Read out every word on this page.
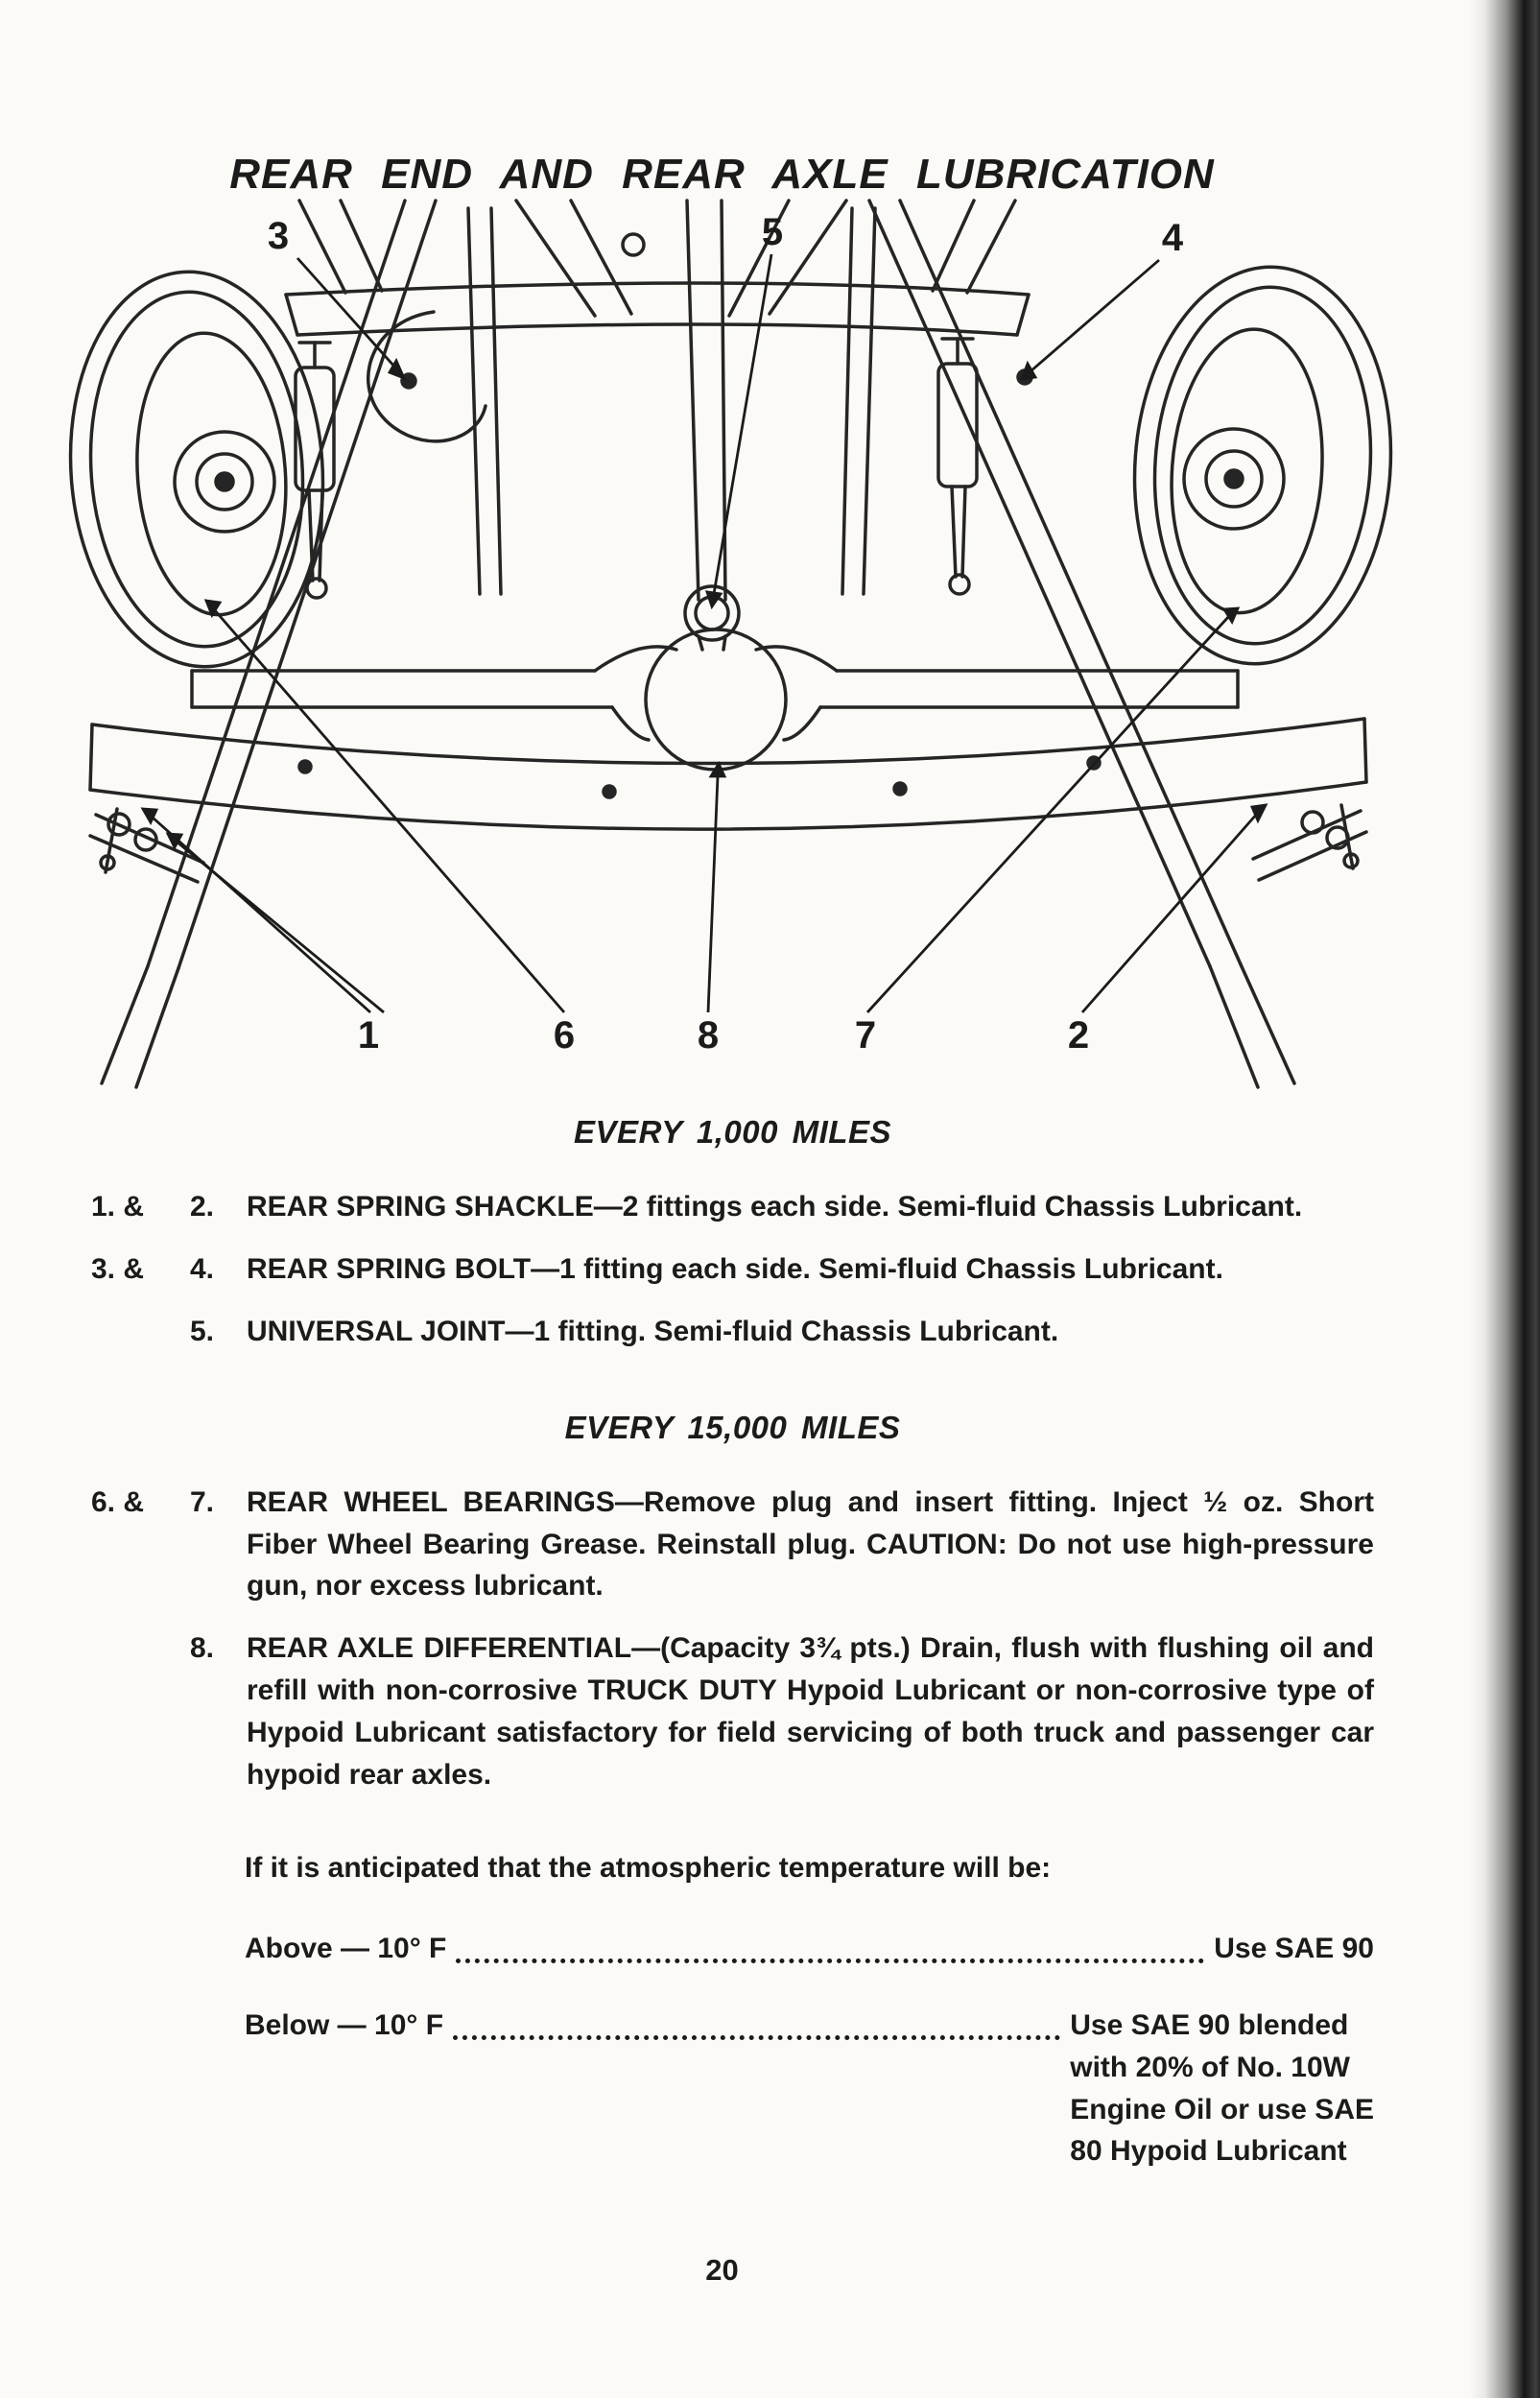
REAR END AND REAR AXLE LUBRICATION
3	5	4
1	6	8	7	2
EVERY 1,000 MILES
1. &	2.	REAR SPRING SHACKLE—2 fittings each side. Semi-fluid Chassis Lubricant.

3. &	4.	REAR SPRING BOLT—1 fitting each side. Semi-fluid Chassis Lubricant.

5.	UNIVERSAL JOINT—1 fitting. Semi-fluid Chassis Lubricant.

EVERY 15,000 MILES
6. &	7.	REAR WHEEL BEARINGS—Remove plug and insert fitting. Inject ½ oz. Short Fiber Wheel Bearing Grease. Reinstall plug. CAUTION: Do not use high-pressure gun, nor excess lubricant.

8.	REAR AXLE DIFFERENTIAL—(Capacity 3¾ pts.) Drain, flush with flushing oil and refill with non-corrosive TRUCK DUTY Hypoid Lubricant or non-corrosive type of Hypoid Lubricant satisfactory for field servicing of both truck and passenger car hypoid rear axles.

If it is anticipated that the atmospheric temperature will be:

Above — 10° F	Use SAE 90
Below — 10° F	Use SAE 90 blended
with 20% of No. 10W
Engine Oil or use SAE
80 Hypoid Lubricant
20
